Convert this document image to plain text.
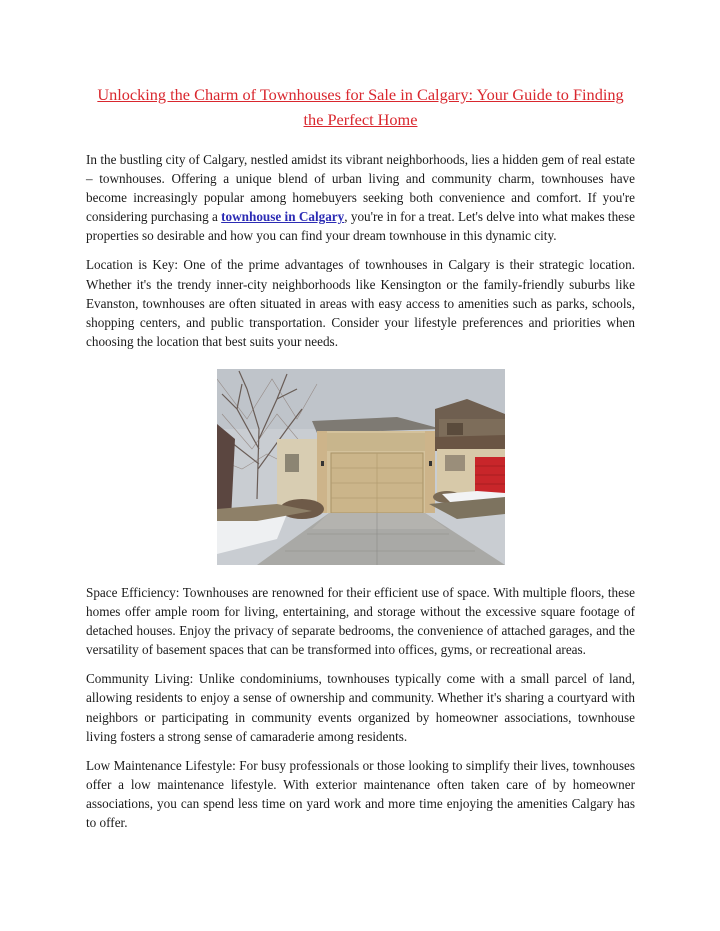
Unlocking the Charm of Townhouses for Sale in Calgary: Your Guide to Finding the Perfect Home

In the bustling city of Calgary, nestled amidst its vibrant neighborhoods, lies a hidden gem of real estate – townhouses. Offering a unique blend of urban living and community charm, townhouses have become increasingly popular among homebuyers seeking both convenience and comfort. If you're considering purchasing a townhouse in Calgary, you're in for a treat. Let's delve into what makes these properties so desirable and how you can find your dream townhouse in this dynamic city.

Location is Key: One of the prime advantages of townhouses in Calgary is their strategic location. Whether it's the trendy inner-city neighborhoods like Kensington or the family-friendly suburbs like Evanston, townhouses are often situated in areas with easy access to amenities such as parks, schools, shopping centers, and public transportation. Consider your lifestyle preferences and priorities when choosing the location that best suits your needs.

Space Efficiency: Townhouses are renowned for their efficient use of space. With multiple floors, these homes offer ample room for living, entertaining, and storage without the excessive square footage of detached houses. Enjoy the privacy of separate bedrooms, the convenience of attached garages, and the versatility of basement spaces that can be transformed into offices, gyms, or recreational areas.

Community Living: Unlike condominiums, townhouses typically come with a small parcel of land, allowing residents to enjoy a sense of ownership and community. Whether it's sharing a courtyard with neighbors or participating in community events organized by homeowner associations, townhouse living fosters a strong sense of camaraderie among residents.

Low Maintenance Lifestyle: For busy professionals or those looking to simplify their lives, townhouses offer a low maintenance lifestyle. With exterior maintenance often taken care of by homeowner associations, you can spend less time on yard work and more time enjoying the amenities Calgary has to offer.
